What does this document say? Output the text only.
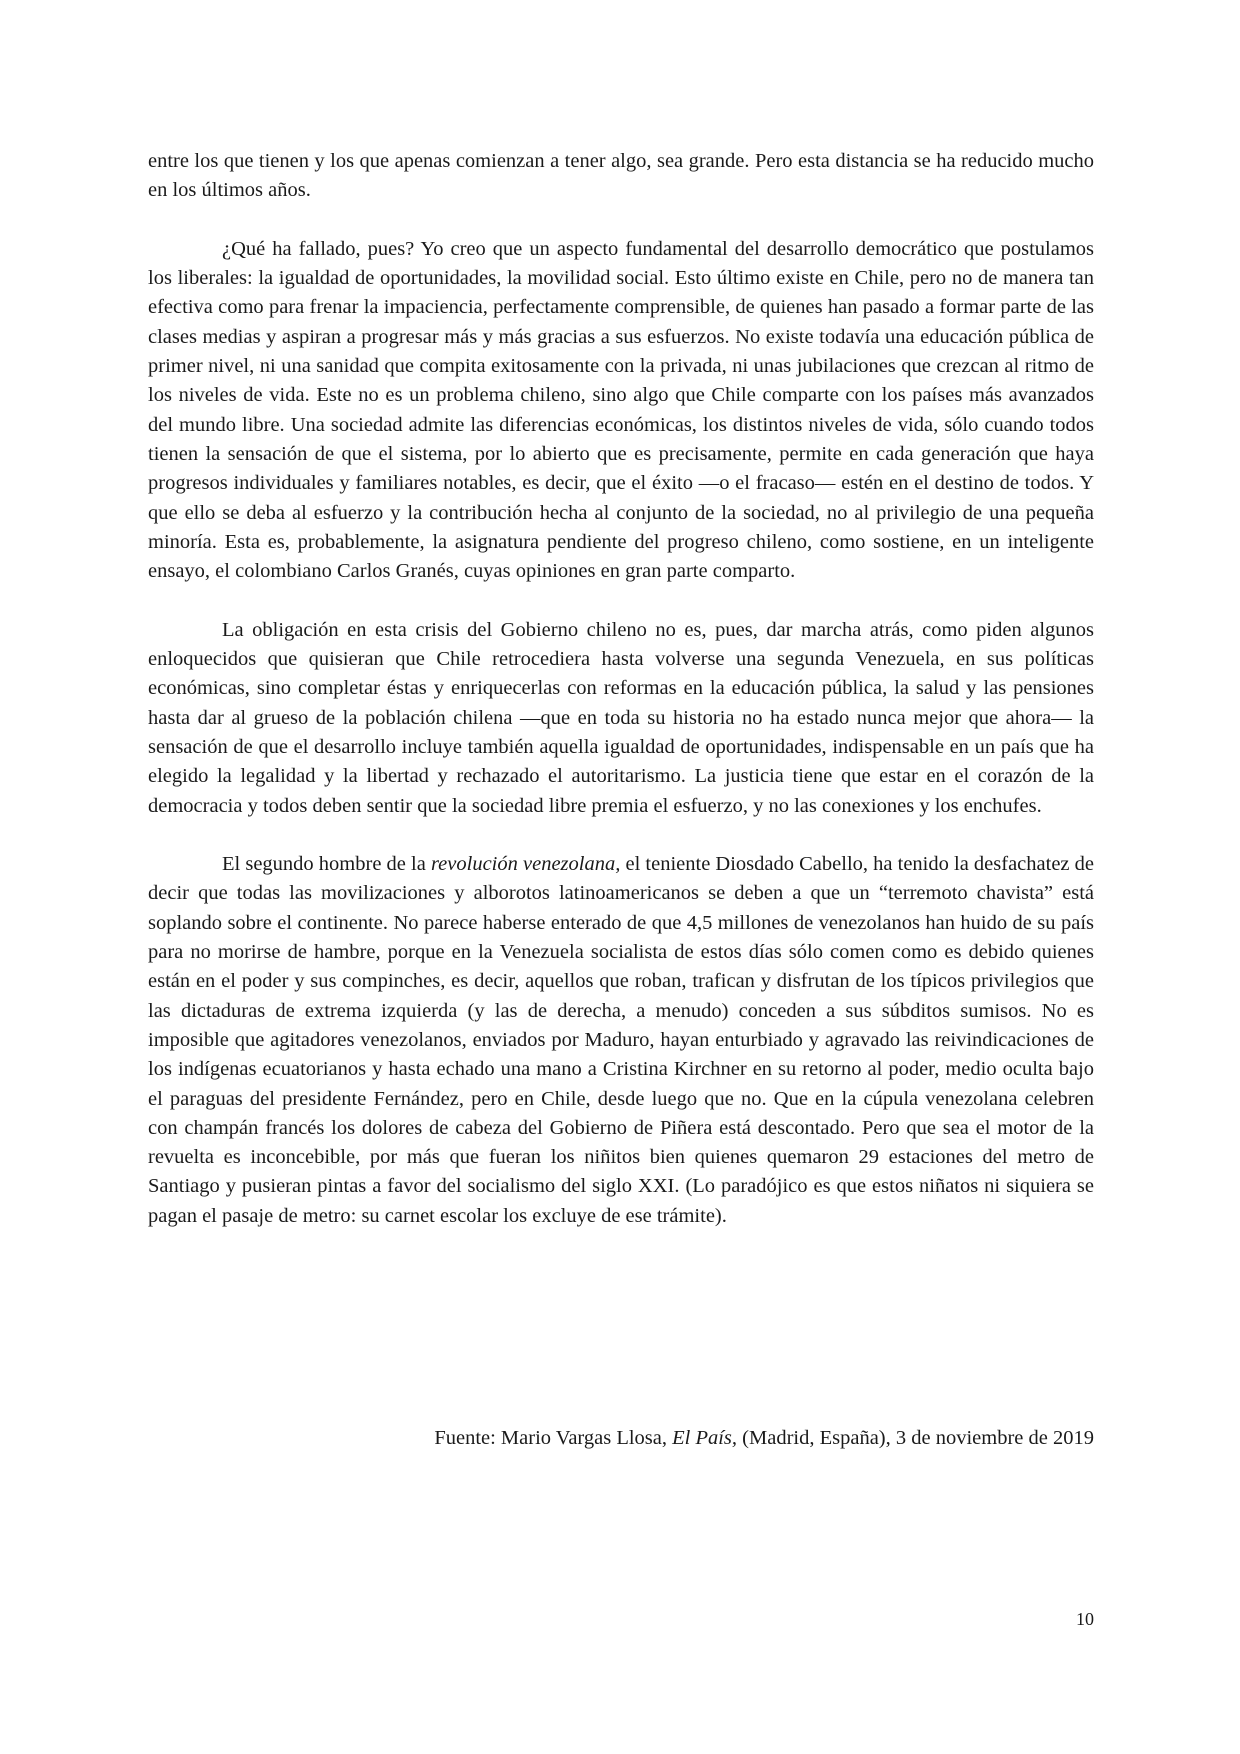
entre los que tienen y los que apenas comienzan a tener algo, sea grande. Pero esta distancia se ha reducido mucho en los últimos años.

¿Qué ha fallado, pues? Yo creo que un aspecto fundamental del desarrollo democrático que postulamos los liberales: la igualdad de oportunidades, la movilidad social. Esto último existe en Chile, pero no de manera tan efectiva como para frenar la impaciencia, perfectamente comprensible, de quienes han pasado a formar parte de las clases medias y aspiran a progresar más y más gracias a sus esfuerzos. No existe todavía una educación pública de primer nivel, ni una sanidad que compita exitosamente con la privada, ni unas jubilaciones que crezcan al ritmo de los niveles de vida. Este no es un problema chileno, sino algo que Chile comparte con los países más avanzados del mundo libre. Una sociedad admite las diferencias económicas, los distintos niveles de vida, sólo cuando todos tienen la sensación de que el sistema, por lo abierto que es precisamente, permite en cada generación que haya progresos individuales y familiares notables, es decir, que el éxito —o el fracaso— estén en el destino de todos. Y que ello se deba al esfuerzo y la contribución hecha al conjunto de la sociedad, no al privilegio de una pequeña minoría. Esta es, probablemente, la asignatura pendiente del progreso chileno, como sostiene, en un inteligente ensayo, el colombiano Carlos Granés, cuyas opiniones en gran parte comparto.

La obligación en esta crisis del Gobierno chileno no es, pues, dar marcha atrás, como piden algunos enloquecidos que quisieran que Chile retrocediera hasta volverse una segunda Venezuela, en sus políticas económicas, sino completar éstas y enriquecerlas con reformas en la educación pública, la salud y las pensiones hasta dar al grueso de la población chilena —que en toda su historia no ha estado nunca mejor que ahora— la sensación de que el desarrollo incluye también aquella igualdad de oportunidades, indispensable en un país que ha elegido la legalidad y la libertad y rechazado el autoritarismo. La justicia tiene que estar en el corazón de la democracia y todos deben sentir que la sociedad libre premia el esfuerzo, y no las conexiones y los enchufes.

El segundo hombre de la revolución venezolana, el teniente Diosdado Cabello, ha tenido la desfachatez de decir que todas las movilizaciones y alborotos latinoamericanos se deben a que un “terremoto chavista” está soplando sobre el continente. No parece haberse enterado de que 4,5 millones de venezolanos han huido de su país para no morirse de hambre, porque en la Venezuela socialista de estos días sólo comen como es debido quienes están en el poder y sus compinches, es decir, aquellos que roban, trafican y disfrutan de los típicos privilegios que las dictaduras de extrema izquierda (y las de derecha, a menudo) conceden a sus súbditos sumisos. No es imposible que agitadores venezolanos, enviados por Maduro, hayan enturbiado y agravado las reivindicaciones de los indígenas ecuatorianos y hasta echado una mano a Cristina Kirchner en su retorno al poder, medio oculta bajo el paraguas del presidente Fernández, pero en Chile, desde luego que no. Que en la cúpula venezolana celebren con champán francés los dolores de cabeza del Gobierno de Piñera está descontado. Pero que sea el motor de la revuelta es inconcebible, por más que fueran los niñitos bien quienes quemaron 29 estaciones del metro de Santiago y pusieran pintas a favor del socialismo del siglo XXI. (Lo paradójico es que estos niñatos ni siquiera se pagan el pasaje de metro: su carnet escolar los excluye de ese trámite).

Fuente: Mario Vargas Llosa, El País, (Madrid, España), 3 de noviembre de 2019
10
